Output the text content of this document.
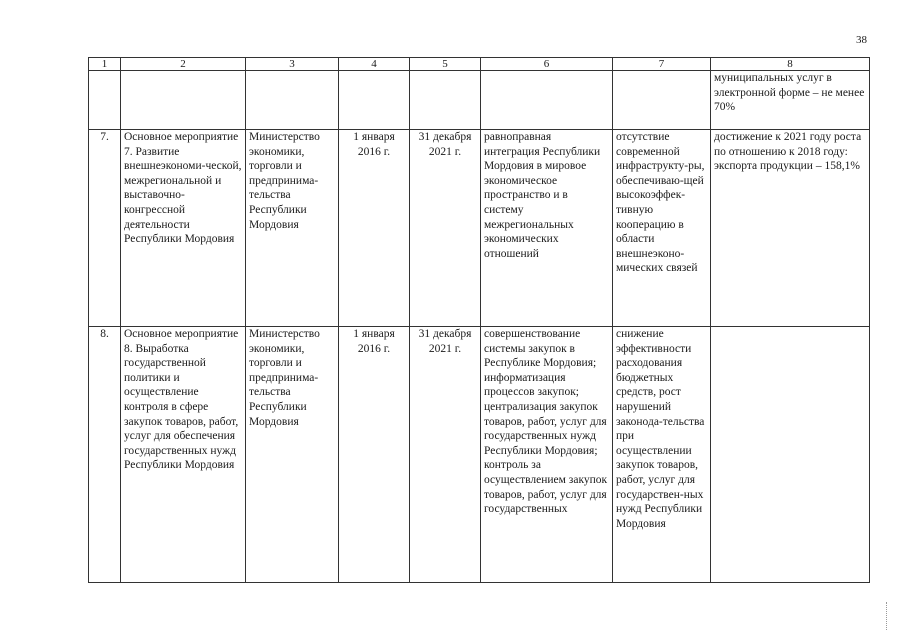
38
1	2	3	4	5	6	7	8
							муниципальных услуг в электронной форме – не менее 70%
7.	Основное мероприятие 7. Развитие внешнеэкономи-ческой, межрегиональной и выставочно-конгрессной деятельности Республики Мордовия	Министерство экономики, торговли и предпринима-тельства Республики Мордовия	1 января 2016 г.	31 декабря 2021 г.	равноправная интеграция Республики Мордовия в мировое экономическое пространство и в систему межрегиональных экономических отношений	отсутствие современной инфраструкту-ры, обеспечиваю-щей высокоэффек-тивную кооперацию в области внешнеэконо-мических связей	достижение к 2021 году роста по отношению к 2018 году: экспорта продукции – 158,1%
8.	Основное мероприятие 8. Выработка государственной политики и осуществление контроля в сфере закупок товаров, работ, услуг для обеспечения государственных нужд Республики Мордовия	Министерство экономики, торговли и предпринима-тельства Республики Мордовия	1 января 2016 г.	31 декабря 2021 г.	совершенствование системы закупок в Республике Мордовия; информатизация процессов закупок; централизация закупок товаров, работ, услуг для государственных нужд Республики Мордовия; контроль за осуществлением закупок товаров, работ, услуг для государственных	снижение эффективности расходования бюджетных средств, рост нарушений законода-тельства при осуществлении закупок товаров, работ, услуг для государствен-ных нужд Республики Мордовия	
